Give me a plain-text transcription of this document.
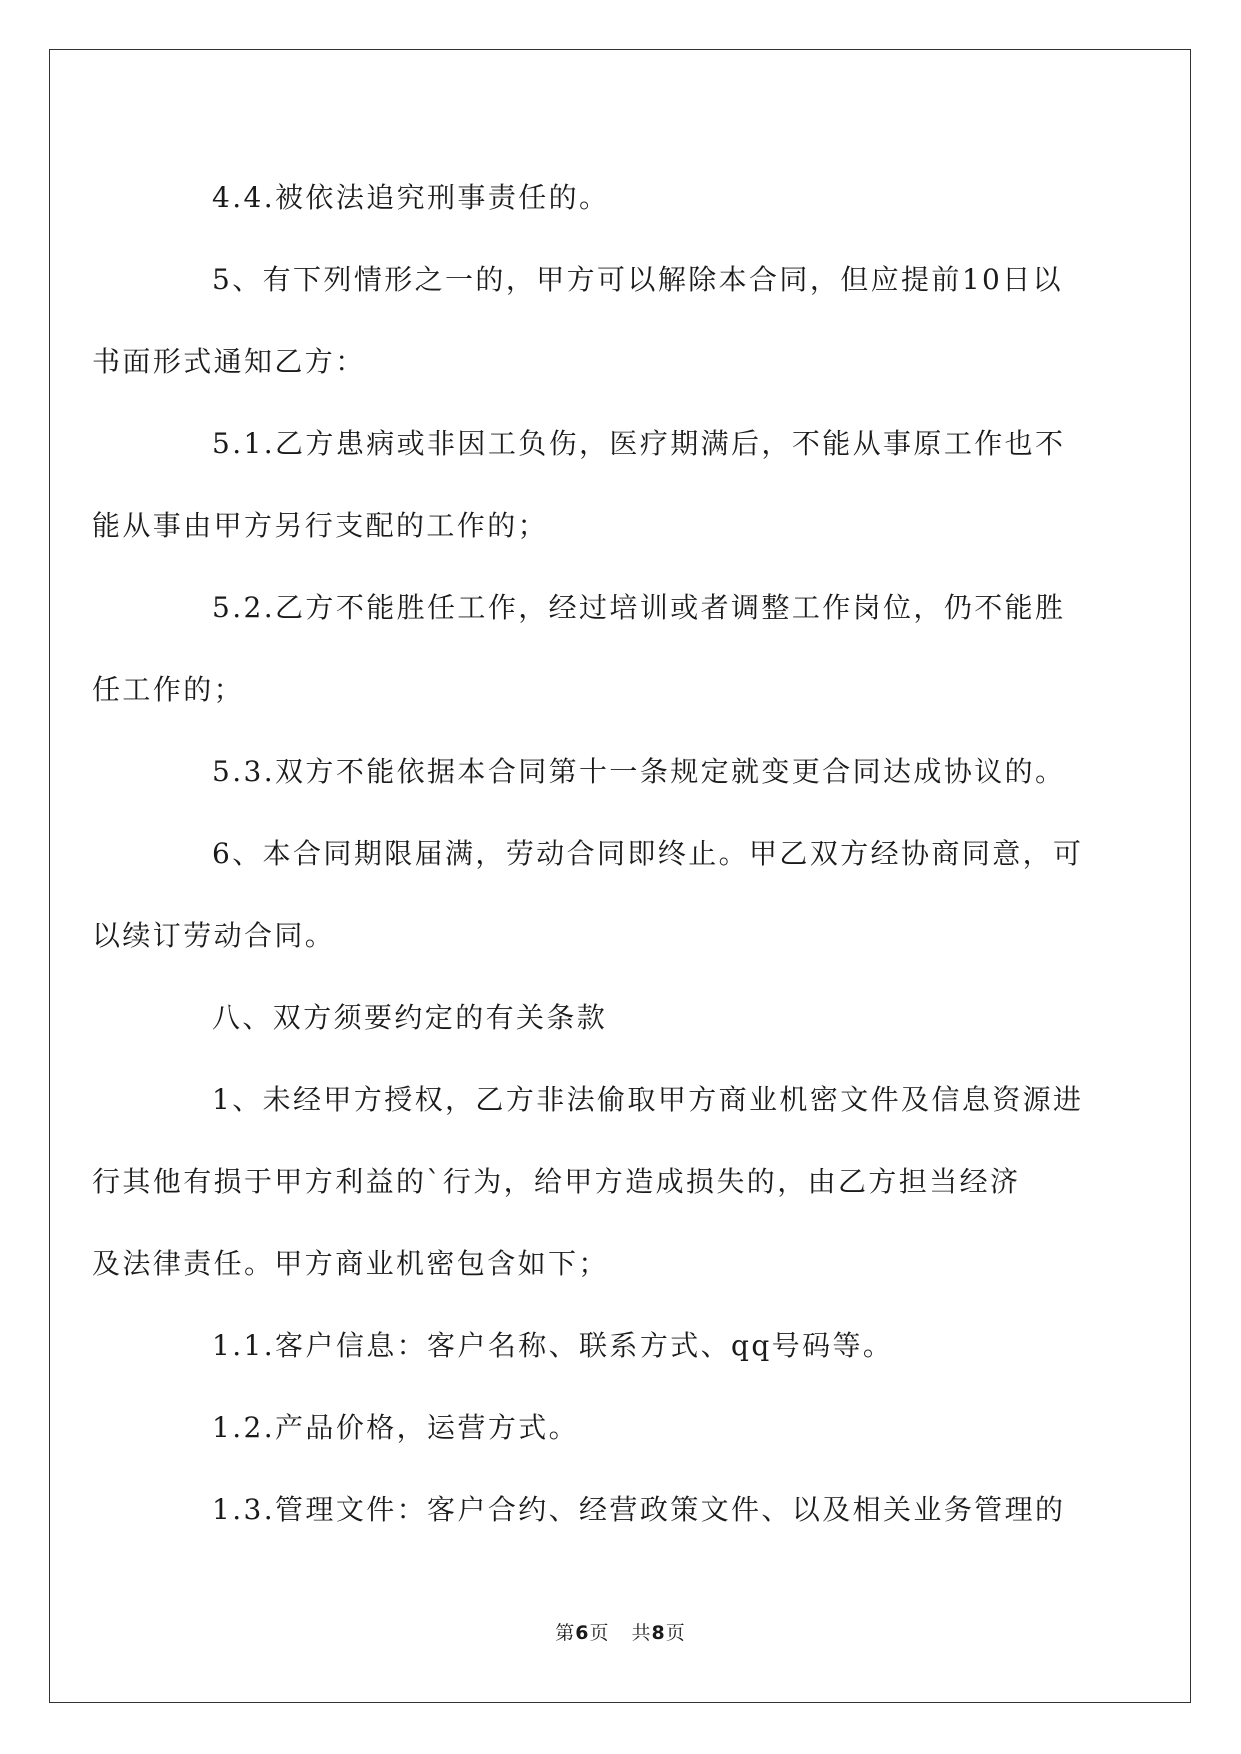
4.4.被依法追究刑事责任的。

5、有下列情形之一的，甲方可以解除本合同，但应提前10日以
书面形式通知乙方：

5.1.乙方患病或非因工负伤，医疗期满后，不能从事原工作也不
能从事由甲方另行支配的工作的；

5.2.乙方不能胜任工作，经过培训或者调整工作岗位，仍不能胜
任工作的；

5.3.双方不能依据本合同第十一条规定就变更合同达成协议的。

6、本合同期限届满，劳动合同即终止。甲乙双方经协商同意，可
以续订劳动合同。

八、双方须要约定的有关条款

1、未经甲方授权，乙方非法偷取甲方商业机密文件及信息资源进
行其他有损于甲方利益的`行为，给甲方造成损失的，由乙方担当经济
及法律责任。甲方商业机密包含如下；

1.1.客户信息：客户名称、联系方式、qq号码等。

1.2.产品价格，运营方式。

1.3.管理文件：客户合约、经营政策文件、以及相关业务管理的

第6页 共8页
